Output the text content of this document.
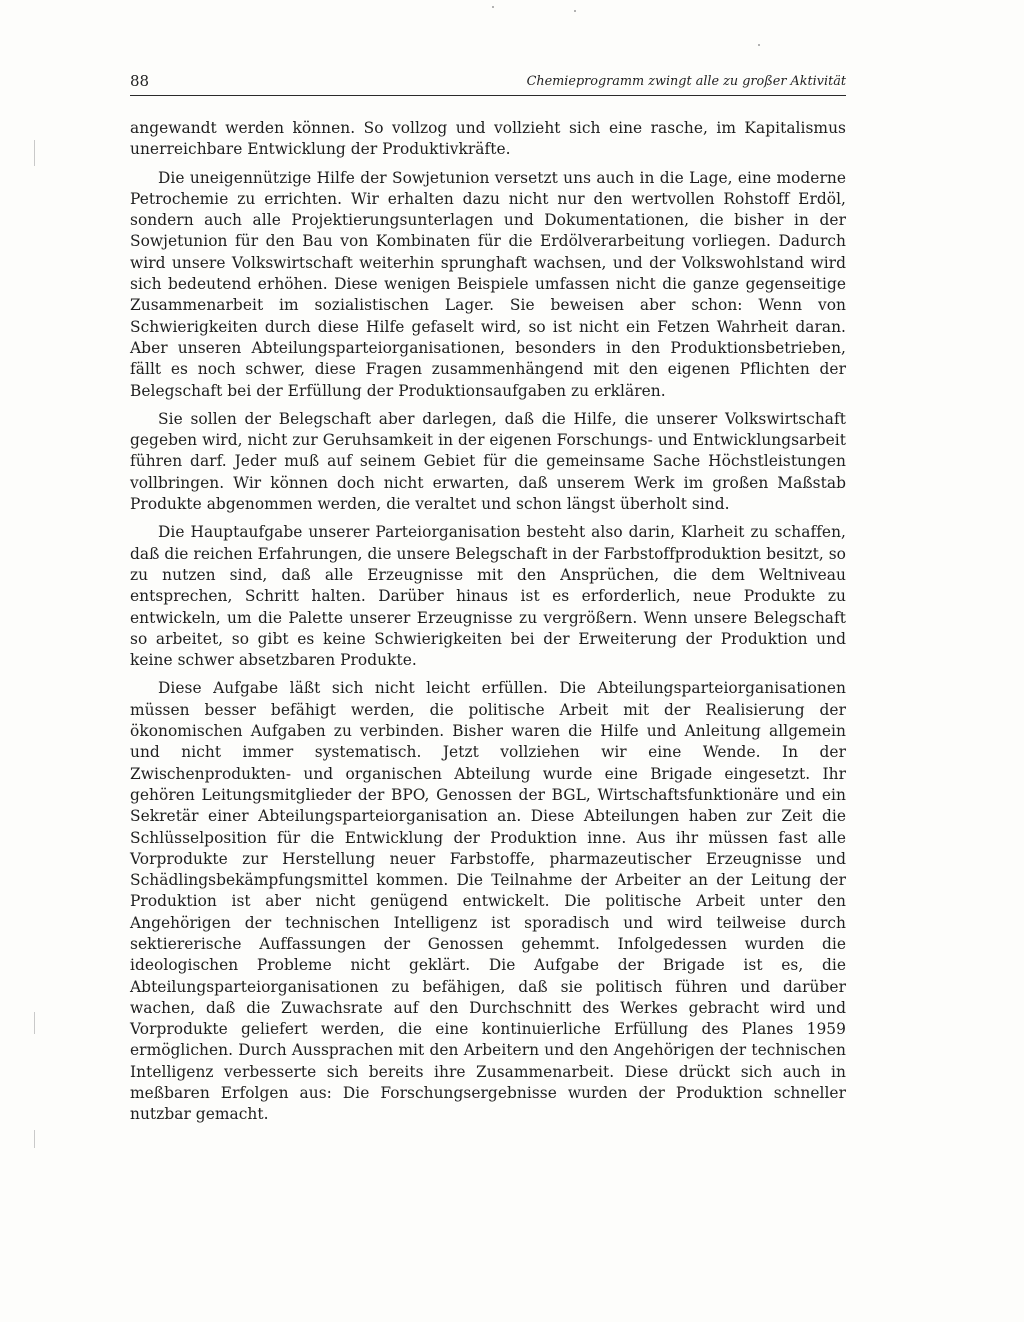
88	Chemieprogramm zwingt alle zu großer Aktivität

angewandt werden können. So vollzog und vollzieht sich eine rasche, im Kapitalismus unerreichbare Entwicklung der Produktivkräfte.

Die uneigennützige Hilfe der Sowjetunion versetzt uns auch in die Lage, eine moderne Petrochemie zu errichten. Wir erhalten dazu nicht nur den wertvollen Rohstoff Erdöl, sondern auch alle Projektierungsunterlagen und Dokumentationen, die bisher in der Sowjetunion für den Bau von Kombinaten für die Erdölverarbeitung vorliegen. Dadurch wird unsere Volkswirtschaft weiterhin sprunghaft wachsen, und der Volkswohlstand wird sich bedeutend erhöhen. Diese wenigen Beispiele umfassen nicht die ganze gegenseitige Zusammenarbeit im sozialistischen Lager. Sie beweisen aber schon: Wenn von Schwierigkeiten durch diese Hilfe gefaselt wird, so ist nicht ein Fetzen Wahrheit daran. Aber unseren Abteilungsparteiorganisationen, besonders in den Produktionsbetrieben, fällt es noch schwer, diese Fragen zusammenhängend mit den eigenen Pflichten der Belegschaft bei der Erfüllung der Produktionsaufgaben zu erklären.

Sie sollen der Belegschaft aber darlegen, daß die Hilfe, die unserer Volkswirtschaft gegeben wird, nicht zur Geruhsamkeit in der eigenen Forschungs- und Entwicklungsarbeit führen darf. Jeder muß auf seinem Gebiet für die gemeinsame Sache Höchstleistungen vollbringen. Wir können doch nicht erwarten, daß unserem Werk im großen Maßstab Produkte abgenommen werden, die veraltet und schon längst überholt sind.

Die Hauptaufgabe unserer Parteiorganisation besteht also darin, Klarheit zu schaffen, daß die reichen Erfahrungen, die unsere Belegschaft in der Farbstoffproduktion besitzt, so zu nutzen sind, daß alle Erzeugnisse mit den Ansprüchen, die dem Weltniveau entsprechen, Schritt halten. Darüber hinaus ist es erforderlich, neue Produkte zu entwickeln, um die Palette unserer Erzeugnisse zu vergrößern. Wenn unsere Belegschaft so arbeitet, so gibt es keine Schwierigkeiten bei der Erweiterung der Produktion und keine schwer absetzbaren Produkte.

Diese Aufgabe läßt sich nicht leicht erfüllen. Die Abteilungsparteiorganisationen müssen besser befähigt werden, die politische Arbeit mit der Realisierung der ökonomischen Aufgaben zu verbinden. Bisher waren die Hilfe und Anleitung allgemein und nicht immer systematisch. Jetzt vollziehen wir eine Wende. In der Zwischenprodukten- und organischen Abteilung wurde eine Brigade eingesetzt. Ihr gehören Leitungsmitglieder der BPO, Genossen der BGL, Wirtschaftsfunktionäre und ein Sekretär einer Abteilungsparteiorganisation an. Diese Abteilungen haben zur Zeit die Schlüsselposition für die Entwicklung der Produktion inne. Aus ihr müssen fast alle Vorprodukte zur Herstellung neuer Farbstoffe, pharmazeutischer Erzeugnisse und Schädlingsbekämpfungsmittel kommen. Die Teilnahme der Arbeiter an der Leitung der Produktion ist aber nicht genügend entwickelt. Die politische Arbeit unter den Angehörigen der technischen Intelligenz ist sporadisch und wird teilweise durch sektiererische Auffassungen der Genossen gehemmt. Infolgedessen wurden die ideologischen Probleme nicht geklärt. Die Aufgabe der Brigade ist es, die Abteilungsparteiorganisationen zu befähigen, daß sie politisch führen und darüber wachen, daß die Zuwachsrate auf den Durchschnitt des Werkes gebracht wird und Vorprodukte geliefert werden, die eine kontinuierliche Erfüllung des Planes 1959 ermöglichen. Durch Aussprachen mit den Arbeitern und den Angehörigen der technischen Intelligenz verbesserte sich bereits ihre Zusammenarbeit. Diese drückt sich auch in meßbaren Erfolgen aus: Die Forschungsergebnisse wurden der Produktion schneller nutzbar gemacht.
